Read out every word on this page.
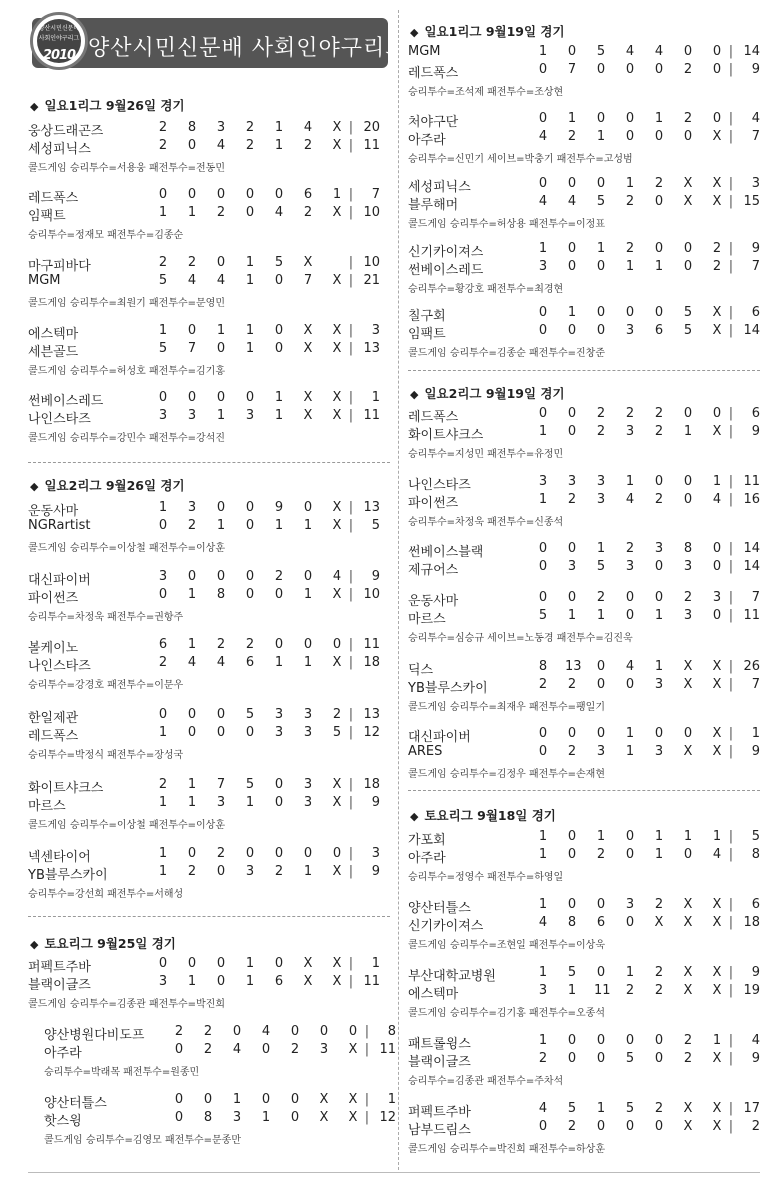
양산시민신문배 사회인야구리그
양산시민신문배
사회인야구리그
2010
◆ 일요1리그 9월26일 경기
웅상드래곤즈	2 8 3 2 1 4 X | 20
세성피닉스	2 0 4 2 1 2 X | 11
콜드게임 승리투수=서용웅 패전투수=전동민
레드폭스	0 0 0 0 0 6 1 |	7
임팩트	1 1 2 0 4 2 X | 10
승리투수=정재모 패전투수=김종순
마구피바다	2 2 0 1 5 X	| 10
MGM	5 4 4 1 0 7 X | 21
콜드게임 승리투수=최원기 패전투수=문영민
에스텍마	1 0 1 1 0 X X |	3
세븐골드	5 7 0 1 0 X X | 13
콜드게임 승리투수=허성호 패전투수=김기홍
썬베이스레드	0 0 0 0 1 X X |	1
나인스타즈	3 3 1 3 1 X X | 11
콜드게임 승리투수=강민수 패전투수=강석진
◆ 일요2리그 9월26일 경기
운동사마	1 3 0 0 9 0 X | 13
NGRartist	0 2 1 0 1 1 X |	5
콜드게임 승리투수=이상철 패전투수=이상훈
대신파이버	3 0 0 0 2 0 4 |	9
파이썬즈	0 1 8 0 0 1 X | 10
승리투수=차정욱 패전투수=권항주
볼케이노	6 1 2 2 0 0 0 | 11
나인스타즈	2 4 4 6 1 1 X | 18
승리투수=강경호 패전투수=이문우
한일제관	0 0 0 5 3 3 2 | 13
레드폭스	1 0 0 0 3 3 5 | 12
승리투수=박정식 패전투수=장성국
화이트샤크스	2 1 7 5 0 3 X | 18
마르스	1 1 3 1 0 3 X |	9
콜드게임 승리투수=이상철 패전투수=이상훈
넥센타이어	1 0 2 0 0 0 0 |	3
YB블루스카이	1 2 0 3 2 1 X |	9
승리투수=강선희 패전투수=서해성
◆ 토요리그 9월25일 경기
퍼펙트주바	0 0 0 1 0 X X |	1
블랙이글즈	3 1 0 1 6 X X | 11
콜드게임 승리투수=김종관 패전투수=박진희
양산병원다비도프 2 2 0 4 0 0 0 |	8
아주라	0 2 4 0 2 3 X | 11
승리투수=박래목 패전투수=원종민
양산터틀스	0 0 1 0 0 X X |	1
핫스윙	0 8 3 1 0 X X | 12
콜드게임 승리투수=김영모 패전투수=문종만
◆ 일요1리그 9월19일 경기
MGM	1 0 5 4 4 0 0 | 14
레드폭스	0 7 0 0 0 2 0 |	9
승리투수=조석제 패전투수=조상현
처야구단	0 1 0 0 1 2 0 |	4
아주라	4 2 1 0 0 0 X |	7
승리투수=신민기 세이브=박충기 패전투수=고성범
세성피닉스	0 0 0 1 2 X X |	3
블루해머	4 4 5 2 0 X X | 15
콜드게임 승리투수=허상용 패전투수=이정표
신기카이져스	1 0 1 2 0 0 2 |	9
썬베이스레드	3 0 0 1 1 0 2 |	7
승리투수=황강호 패전투수=최경현
칠구회	0 1 0 0 0 5 X |	6
임팩트	0 0 0 3 6 5 X | 14
콜드게임 승리투수=김종순 패전투수=진창준
◆ 일요2리그 9월19일 경기
레드폭스	0 0 2 2 2 0 0 |	6
화이트샤크스	1 0 2 3 2 1 X |	9
승리투수=지성민 패전투수=유정민
나인스타즈	3 3 3 1 0 0 1 | 11
파이썬즈	1 2 3 4 2 0 4 | 16
승리투수=차정욱 패전투수=신종석
썬베이스블랙	0 0 1 2 3 8 0 | 14
제규어스	0 3 5 3 0 3 0 | 14
운동사마	0 0 2 0 0 2 3 |	7
마르스	5 1 1 0 1 3 0 | 11
승리투수=심승규 세이브=노동경 패전투수=김진욱
딕스	8 13 0 4 1 X X | 26
YB블루스카이	2 2 0 0 3 X X |	7
콜드게임 승리투수=최재우 패전투수=팽일기
대신파이버	0 0 0 1 0 0 X |	1
ARES	0 2 3 1 3 X X |	9
콜드게임 승리투수=김정우 패전투수=손재현
◆ 토요리그 9월18일 경기
가포회	1 0 1 0 1 1 1 |	5
아주라	1 0 2 0 1 0 4 |	8
승리투수=정영수 패전투수=하영일
양산터틀스	1 0 0 3 2 X X |	6
신기카이져스	4 8 6 0 X X X | 18
콜드게임 승리투수=조현일 패전투수=이상욱
부산대학교병원	1 5 0 1 2 X X |	9
에스텍마	3 1 11 2 2 X X | 19
콜드게임 승리투수=김기홍 패전투수=오종석
패트롤윙스	1 0 0 0 0 2 1 |	4
블랙이글즈	2 0 0 5 0 2 X |	9
승리투수=김종관 패전투수=주차석
퍼펙트주바	4 5 1 5 2 X X | 17
남부드림스	0 2 0 0 0 X X |	2
콜드게임 승리투수=박진희 패전투수=하상훈
